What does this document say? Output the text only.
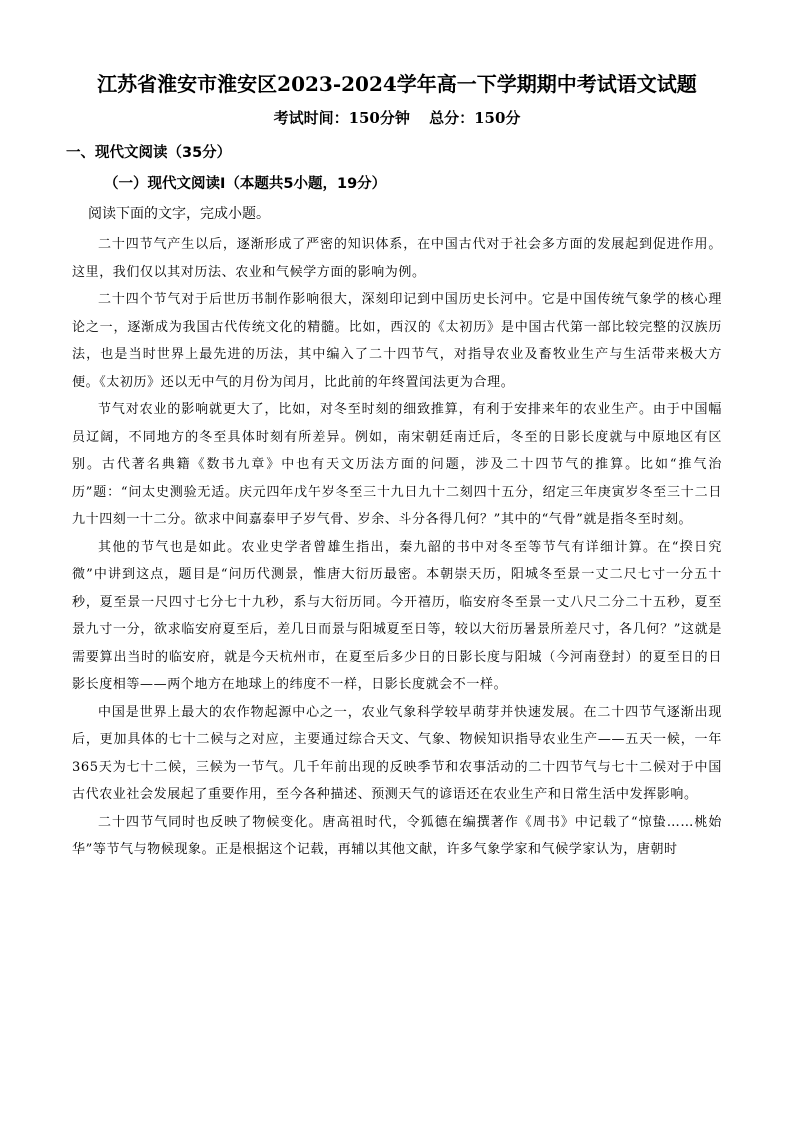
江苏省淮安市淮安区2023-2024学年高一下学期期中考试语文试题
考试时间：150分钟 总分：150分
一、现代文阅读（35分）
（一）现代文阅读Ⅰ（本题共5小题，19分）
阅读下面的文字，完成小题。

二十四节气产生以后，逐渐形成了严密的知识体系，在中国古代对于社会多方面的发展起到促进作用。这里，我们仅以其对历法、农业和气候学方面的影响为例。

二十四个节气对于后世历书制作影响很大，深刻印记到中国历史长河中。它是中国传统气象学的核心理论之一，逐渐成为我国古代传统文化的精髓。比如，西汉的《太初历》是中国古代第一部比较完整的汉族历法，也是当时世界上最先进的历法，其中编入了二十四节气，对指导农业及畜牧业生产与生活带来极大方便。《太初历》还以无中气的月份为闰月，比此前的年终置闰法更为合理。

节气对农业的影响就更大了，比如，对冬至时刻的细致推算，有利于安排来年的农业生产。由于中国幅员辽阔，不同地方的冬至具体时刻有所差异。例如，南宋朝廷南迁后，冬至的日影长度就与中原地区有区别。古代著名典籍《数书九章》中也有天文历法方面的问题，涉及二十四节气的推算。比如“推气治历”题：“问太史测验无适。庆元四年戊午岁冬至三十九日九十二刻四十五分，绍定三年庚寅岁冬至三十二日九十四刻一十二分。欲求中间嘉泰甲子岁气骨、岁余、斗分各得几何？”其中的“气骨”就是指冬至时刻。

其他的节气也是如此。农业史学者曾雄生指出，秦九韶的书中对冬至等节气有详细计算。在“揆日究微”中讲到这点，题目是“问历代测景，惟唐大衍历最密。本朝崇天历，阳城冬至景一丈二尺七寸一分五十秒，夏至景一尺四寸七分七十九秒，系与大衍历同。今开禧历，临安府冬至景一丈八尺二分二十五秒，夏至景九寸一分，欲求临安府夏至后，差几日而景与阳城夏至日等，较以大衍历暑景所差尺寸，各几何？”这就是需要算出当时的临安府，就是今天杭州市，在夏至后多少日的日影长度与阳城（今河南登封）的夏至日的日影长度相等——两个地方在地球上的纬度不一样，日影长度就会不一样。

中国是世界上最大的农作物起源中心之一，农业气象科学较早萌芽并快速发展。在二十四节气逐渐出现后，更加具体的七十二候与之对应，主要通过综合天文、气象、物候知识指导农业生产——五天一候，一年365天为七十二候，三候为一节气。几千年前出现的反映季节和农事活动的二十四节气与七十二候对于中国古代农业社会发展起了重要作用，至今各种描述、预测天气的谚语还在农业生产和日常生活中发挥影响。

二十四节气同时也反映了物候变化。唐高祖时代，令狐德在编撰著作《周书》中记载了“惊蛰……桃始华”等节气与物候现象。正是根据这个记载，再辅以其他文献，许多气象学家和气候学家认为，唐朝时
